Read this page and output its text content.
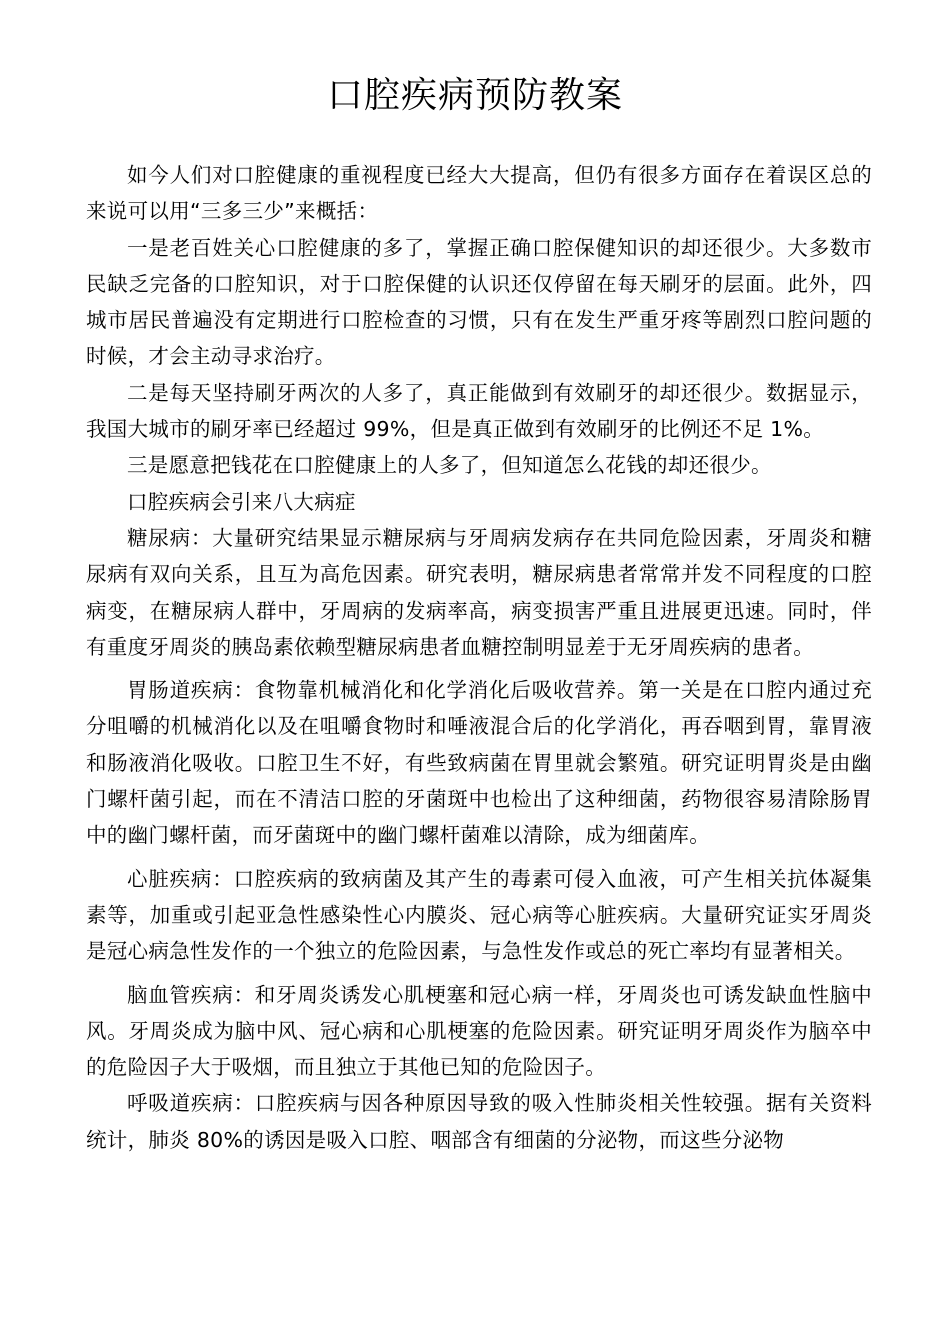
口腔疾病预防教案

如今人们对口腔健康的重视程度已经大大提高，但仍有很多方面存在着误区总的来说可以用“三多三少”来概括：

一是老百姓关心口腔健康的多了，掌握正确口腔保健知识的却还很少。大多数市民缺乏完备的口腔知识，对于口腔保健的认识还仅停留在每天刷牙的层面。此外，四城市居民普遍没有定期进行口腔检查的习惯，只有在发生严重牙疼等剧烈口腔问题的时候，才会主动寻求治疗。

二是每天坚持刷牙两次的人多了，真正能做到有效刷牙的却还很少。数据显示，我国大城市的刷牙率已经超过 99%，但是真正做到有效刷牙的比例还不足 1%。

三是愿意把钱花在口腔健康上的人多了，但知道怎么花钱的却还很少。

口腔疾病会引来八大病症

糖尿病：大量研究结果显示糖尿病与牙周病发病存在共同危险因素，牙周炎和糖尿病有双向关系，且互为高危因素。研究表明，糖尿病患者常常并发不同程度的口腔病变，在糖尿病人群中，牙周病的发病率高，病变损害严重且进展更迅速。同时，伴有重度牙周炎的胰岛素依赖型糖尿病患者血糖控制明显差于无牙周疾病的患者。

胃肠道疾病：食物靠机械消化和化学消化后吸收营养。第一关是在口腔内通过充分咀嚼的机械消化以及在咀嚼食物时和唾液混合后的化学消化，再吞咽到胃，靠胃液和肠液消化吸收。口腔卫生不好，有些致病菌在胃里就会繁殖。研究证明胃炎是由幽门螺杆菌引起，而在不清洁口腔的牙菌斑中也检出了这种细菌，药物很容易清除肠胃中的幽门螺杆菌，而牙菌斑中的幽门螺杆菌难以清除，成为细菌库。

心脏疾病：口腔疾病的致病菌及其产生的毒素可侵入血液，可产生相关抗体凝集素等，加重或引起亚急性感染性心内膜炎、冠心病等心脏疾病。大量研究证实牙周炎是冠心病急性发作的一个独立的危险因素，与急性发作或总的死亡率均有显著相关。

脑血管疾病：和牙周炎诱发心肌梗塞和冠心病一样，牙周炎也可诱发缺血性脑中风。牙周炎成为脑中风、冠心病和心肌梗塞的危险因素。研究证明牙周炎作为脑卒中的危险因子大于吸烟，而且独立于其他已知的危险因子。

呼吸道疾病：口腔疾病与因各种原因导致的吸入性肺炎相关性较强。据有关资料统计，肺炎 80%的诱因是吸入口腔、咽部含有细菌的分泌物，而这些分泌物
